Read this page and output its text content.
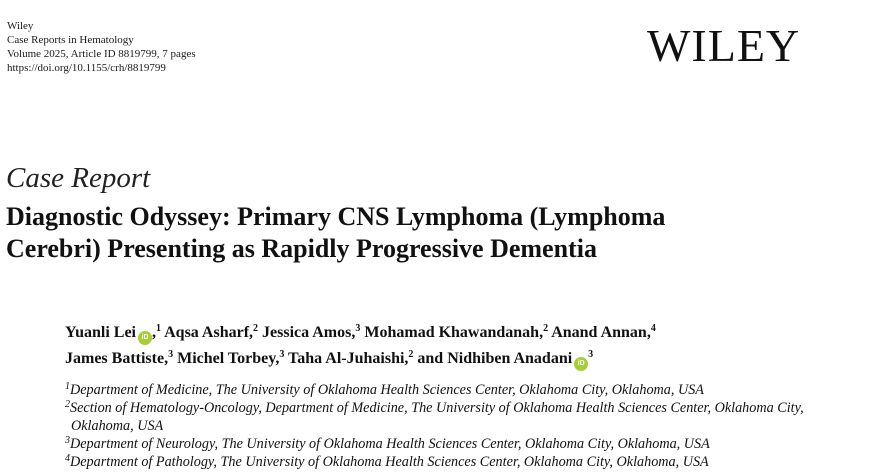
Wiley
Case Reports in Hematology
Volume 2025, Article ID 8819799, 7 pages
https://doi.org/10.1155/crh/8819799	WILEY
Case Report
Diagnostic Odyssey: Primary CNS Lymphoma (Lymphoma
Cerebri) Presenting as Rapidly Progressive Dementia
Yuanli Lei iD ,$^1$ Aqsa Asharf,$^2$ Jessica Amos,$^3$ Mohamad Khawandanah,$^2$ Anand Annan,$^4$
James Battiste,$^3$ Michel Torbey,$^3$ Taha Al-Juhaishi,$^2$ and Nidhiben Anadani $iD^3$
$^1$Department of Medicine, The University of Oklahoma Health Sciences Center, Oklahoma City, Oklahoma, USA
$^2$Section of Hematology-Oncology, Department of Medicine, The University of Oklahoma Health Sciences Center, Oklahoma City,
Oklahoma, USA
$^3$Department of Neurology, The University of Oklahoma Health Sciences Center, Oklahoma City, Oklahoma, USA
$^4$Department of Pathology, The University of Oklahoma Health Sciences Center, Oklahoma City, Oklahoma, USA
